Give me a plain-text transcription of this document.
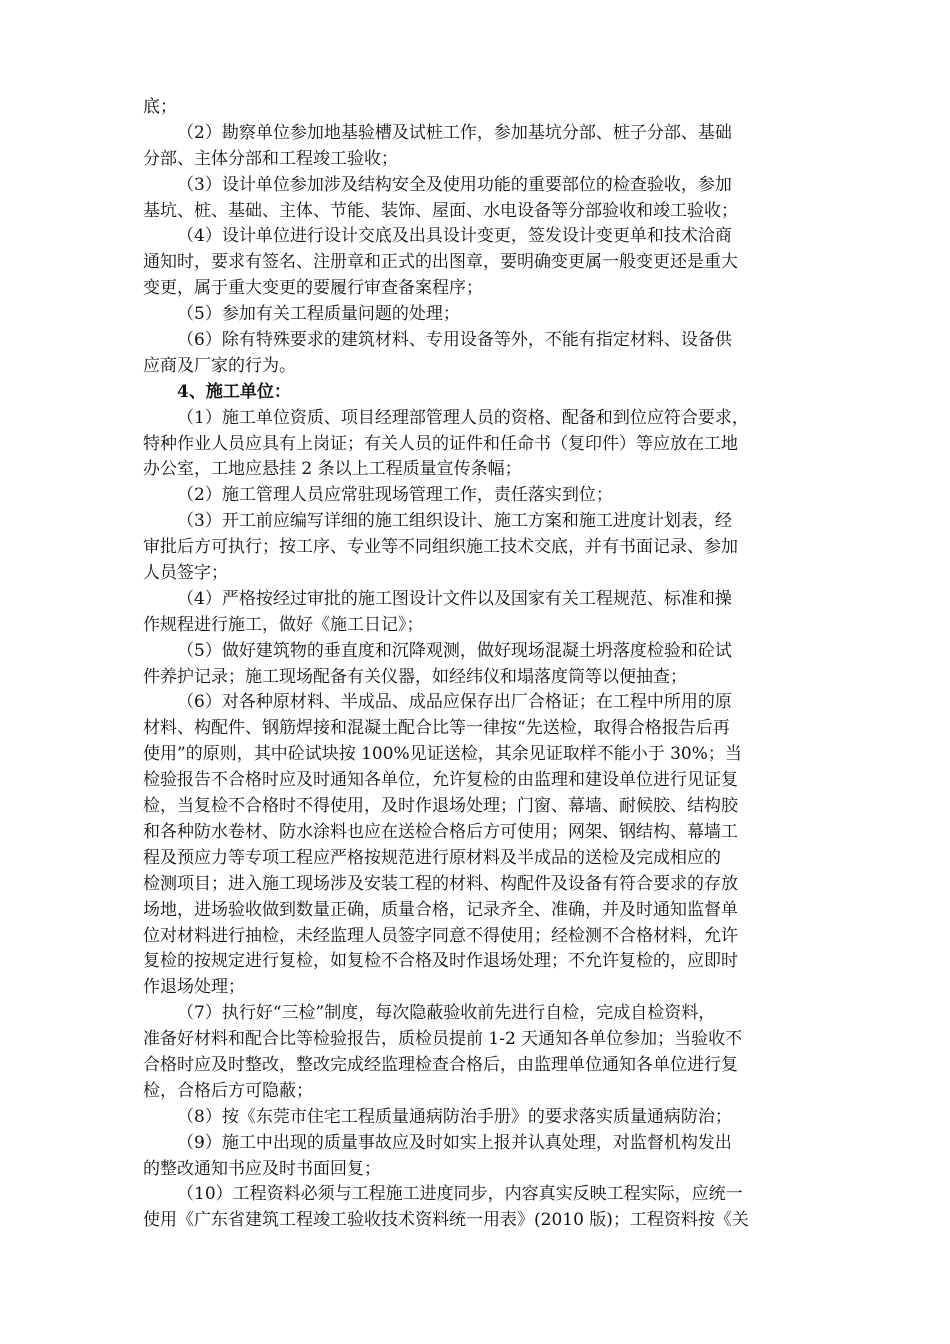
底；
（2）勘察单位参加地基验槽及试桩工作，参加基坑分部、桩子分部、基础
分部、主体分部和工程竣工验收；
（3）设计单位参加涉及结构安全及使用功能的重要部位的检查验收，参加
基坑、桩、基础、主体、节能、装饰、屋面、水电设备等分部验收和竣工验收；
（4）设计单位进行设计交底及出具设计变更，签发设计变更单和技术洽商
通知时，要求有签名、注册章和正式的出图章，要明确变更属一般变更还是重大
变更，属于重大变更的要履行审查备案程序；
（5）参加有关工程质量问题的处理；
（6）除有特殊要求的建筑材料、专用设备等外，不能有指定材料、设备供
应商及厂家的行为。
4、施工单位：
（1）施工单位资质、项目经理部管理人员的资格、配备和到位应符合要求，
特种作业人员应具有上岗证；有关人员的证件和任命书（复印件）等应放在工地
办公室，工地应悬挂 2 条以上工程质量宣传条幅；
（2）施工管理人员应常驻现场管理工作，责任落实到位；
（3）开工前应编写详细的施工组织设计、施工方案和施工进度计划表，经
审批后方可执行；按工序、专业等不同组织施工技术交底，并有书面记录、参加
人员签字；
（4）严格按经过审批的施工图设计文件以及国家有关工程规范、标准和操
作规程进行施工，做好《施工日记》；
（5）做好建筑物的垂直度和沉降观测，做好现场混凝土坍落度检验和砼试
件养护记录；施工现场配备有关仪器，如经纬仪和塌落度筒等以便抽查；
（6）对各种原材料、半成品、成品应保存出厂合格证；在工程中所用的原
材料、构配件、钢筋焊接和混凝土配合比等一律按“先送检，取得合格报告后再
使用”的原则，其中砼试块按 100%见证送检，其余见证取样不能小于 30%；当
检验报告不合格时应及时通知各单位，允许复检的由监理和建设单位进行见证复
检，当复检不合格时不得使用，及时作退场处理；门窗、幕墙、耐候胶、结构胶
和各种防水卷材、防水涂料也应在送检合格后方可使用；网架、钢结构、幕墙工
程及预应力等专项工程应严格按规范进行原材料及半成品的送检及完成相应的
检测项目；进入施工现场涉及安装工程的材料、构配件及设备有符合要求的存放
场地，进场验收做到数量正确，质量合格，记录齐全、准确，并及时通知监督单
位对材料进行抽检，未经监理人员签字同意不得使用；经检测不合格材料，允许
复检的按规定进行复检，如复检不合格及时作退场处理；不允许复检的，应即时
作退场处理；
（7）执行好“三检”制度，每次隐蔽验收前先进行自检，完成自检资料，
准备好材料和配合比等检验报告，质检员提前 1-2 天通知各单位参加；当验收不
合格时应及时整改，整改完成经监理检查合格后，由监理单位通知各单位进行复
检，合格后方可隐蔽；
（8）按《东莞市住宅工程质量通病防治手册》的要求落实质量通病防治；
（9）施工中出现的质量事故应及时如实上报并认真处理，对监督机构发出
的整改通知书应及时书面回复；
（10）工程资料必须与工程施工进度同步，内容真实反映工程实际，应统一
使用《广东省建筑工程竣工验收技术资料统一用表》(2010 版)；工程资料按《关
